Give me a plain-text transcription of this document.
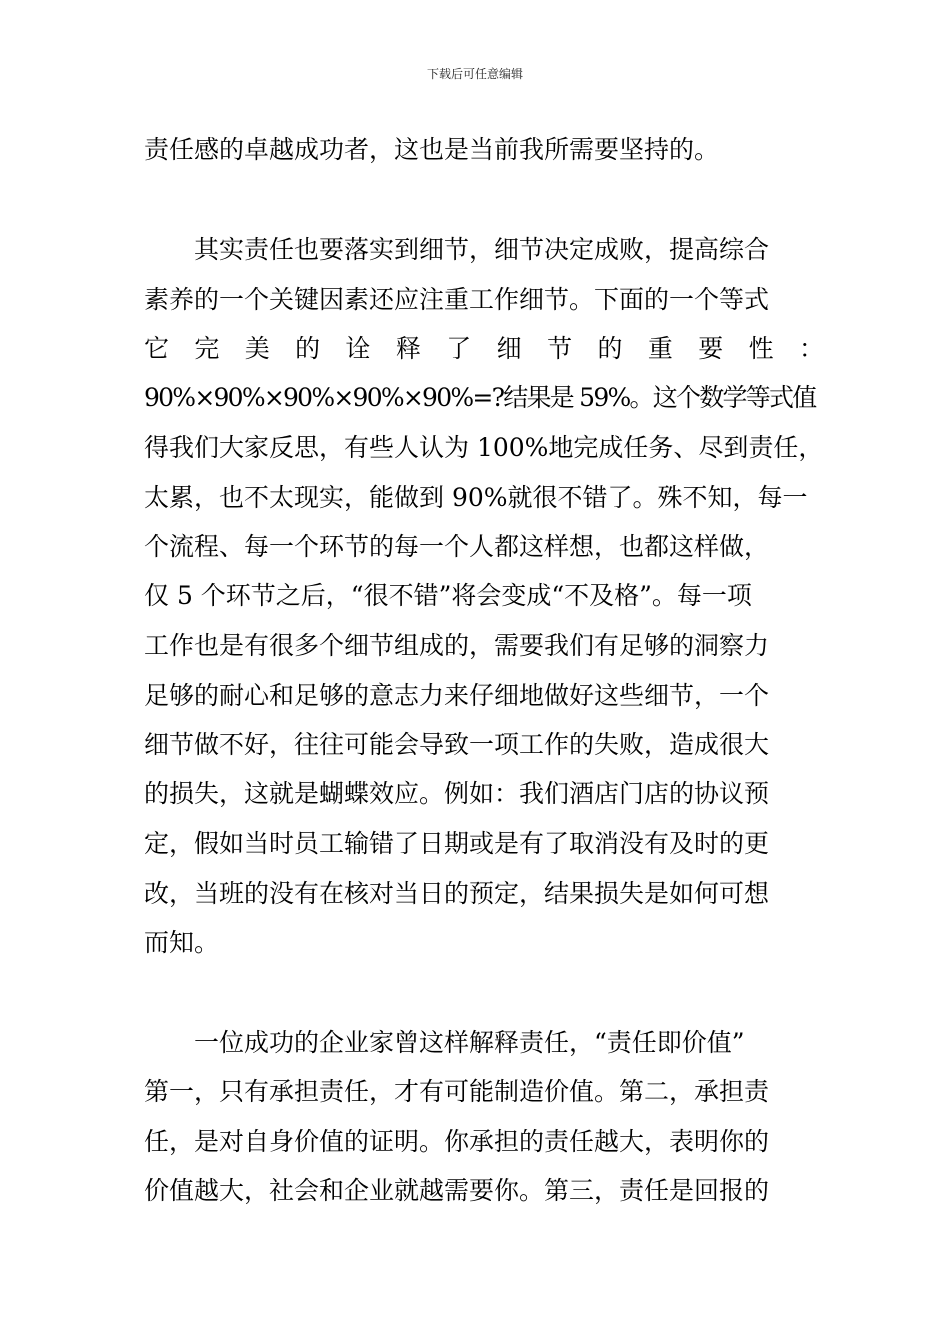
下载后可任意编辑
责任感的卓越成功者，这也是当前我所需要坚持的。
　　其实责任也要落实到细节，细节决定成败，提高综合
素养的一个关键因素还应注重工作细节。下面的一个等式
它完美的诠释了细节的重要性：
90%×90%×90%×90%×90%=?结果是 59%。这个数学等式值
得我们大家反思，有些人认为 100%地完成任务、尽到责任，
太累，也不太现实，能做到 90%就很不错了。殊不知，每一
个流程、每一个环节的每一个人都这样想，也都这样做，
仅 5 个环节之后，“很不错”将会变成“不及格”。每一项
工作也是有很多个细节组成的，需要我们有足够的洞察力
足够的耐心和足够的意志力来仔细地做好这些细节，一个
细节做不好，往往可能会导致一项工作的失败，造成很大
的损失，这就是蝴蝶效应。例如：我们酒店门店的协议预
定，假如当时员工输错了日期或是有了取消没有及时的更
改，当班的没有在核对当日的预定，结果损失是如何可想
而知。
　　一位成功的企业家曾这样解释责任，“责任即价值”
第一，只有承担责任，才有可能制造价值。第二，承担责
任，是对自身价值的证明。你承担的责任越大，表明你的
价值越大，社会和企业就越需要你。第三，责任是回报的
